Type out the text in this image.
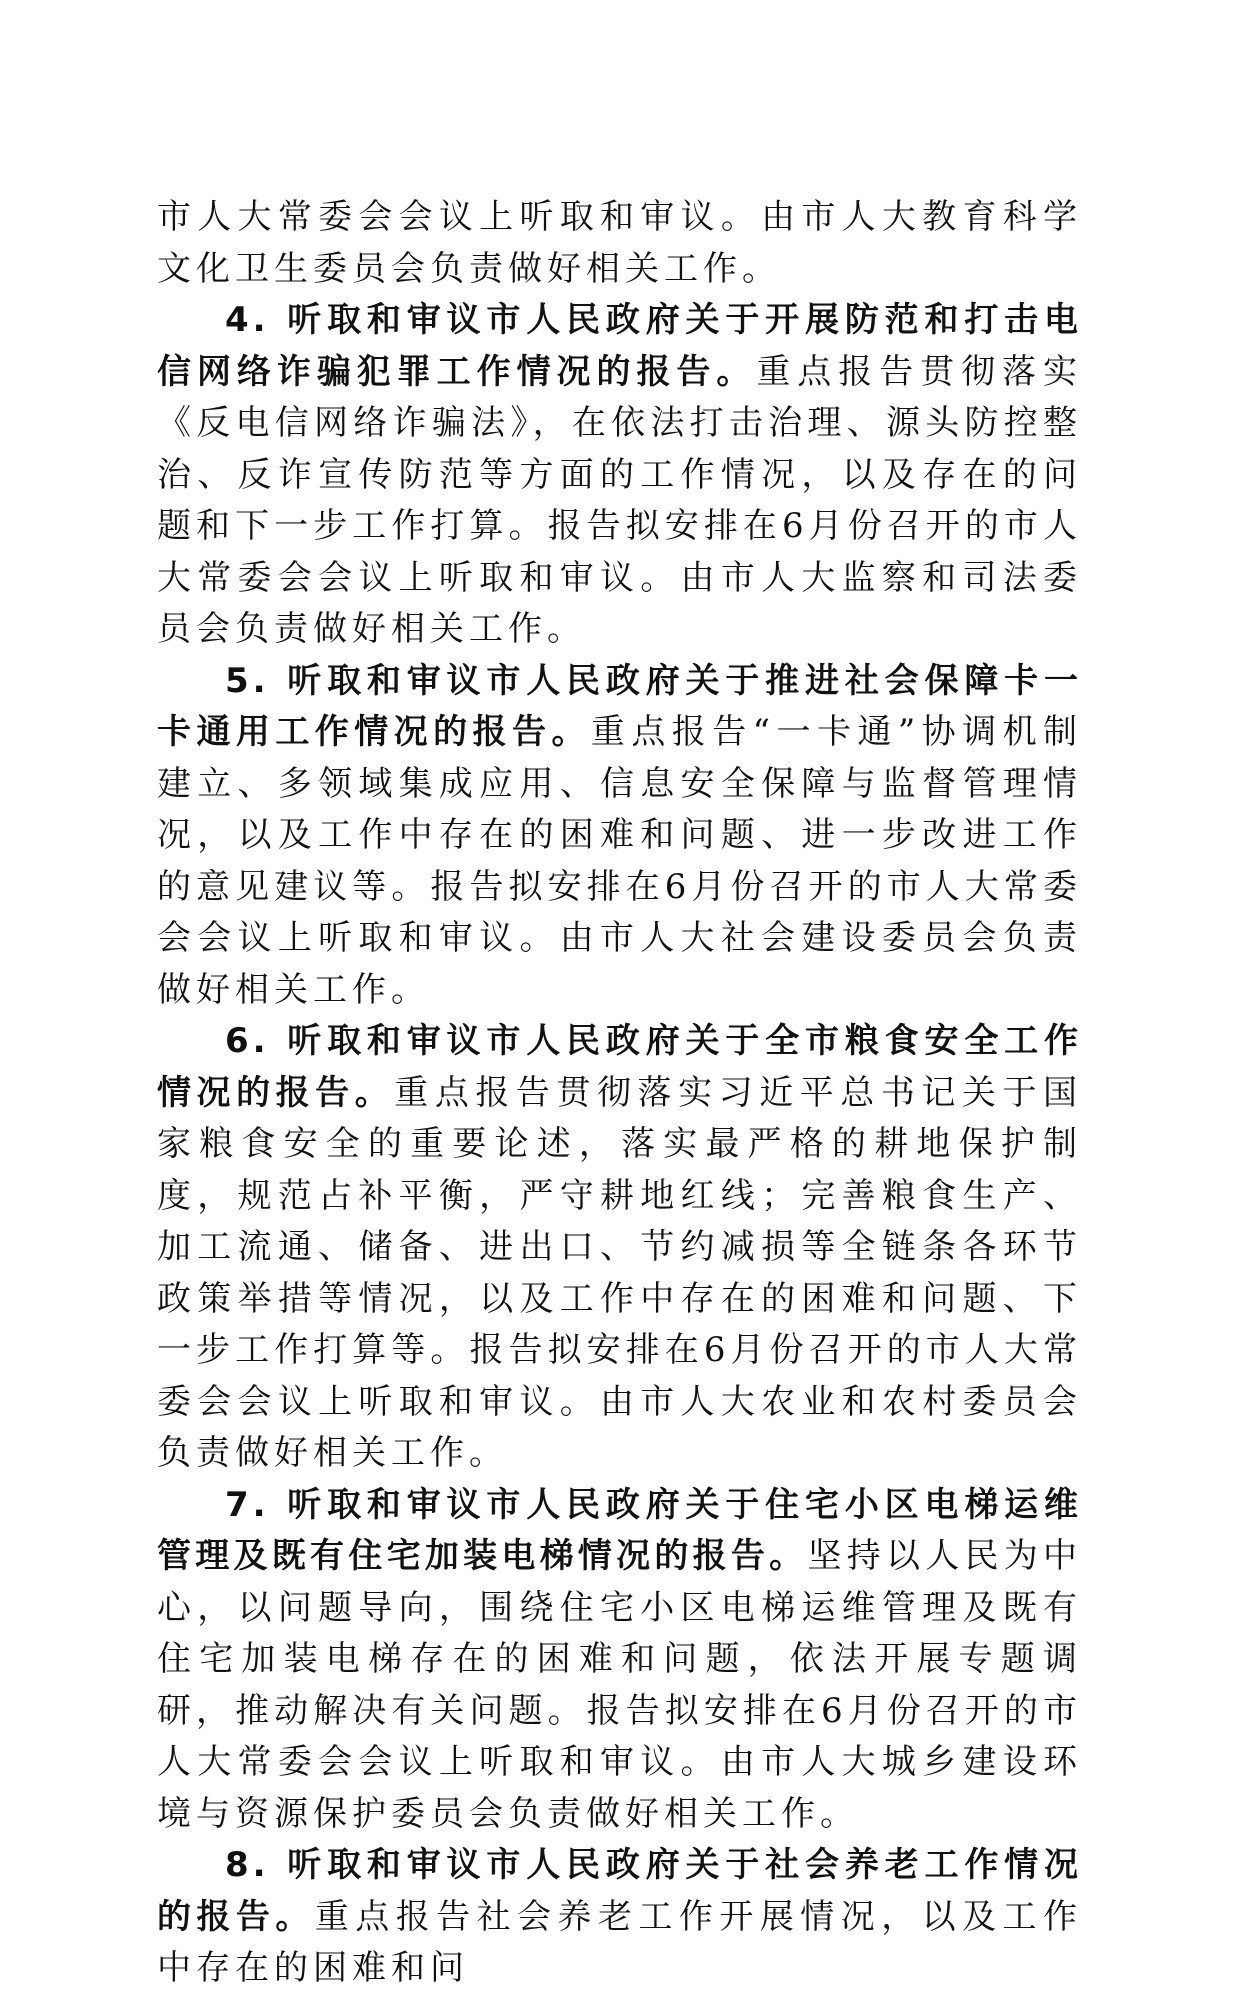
市人大常委会会议上听取和审议。由市人大教育科学文化卫生委员会负责做好相关工作。

4. 听取和审议市人民政府关于开展防范和打击电信网络诈骗犯罪工作情况的报告。重点报告贯彻落实《反电信网络诈骗法》，在依法打击治理、源头防控整治、反诈宣传防范等方面的工作情况，以及存在的问题和下一步工作打算。报告拟安排在6月份召开的市人大常委会会议上听取和审议。由市人大监察和司法委员会负责做好相关工作。

5. 听取和审议市人民政府关于推进社会保障卡一卡通用工作情况的报告。重点报告“一卡通”协调机制建立、多领域集成应用、信息安全保障与监督管理情况，以及工作中存在的困难和问题、进一步改进工作的意见建议等。报告拟安排在6月份召开的市人大常委会会议上听取和审议。由市人大社会建设委员会负责做好相关工作。

6. 听取和审议市人民政府关于全市粮食安全工作情况的报告。重点报告贯彻落实习近平总书记关于国家粮食安全的重要论述，落实最严格的耕地保护制度，规范占补平衡，严守耕地红线；完善粮食生产、加工流通、储备、进出口、节约减损等全链条各环节政策举措等情况，以及工作中存在的困难和问题、下一步工作打算等。报告拟安排在6月份召开的市人大常委会会议上听取和审议。由市人大农业和农村委员会负责做好相关工作。

7. 听取和审议市人民政府关于住宅小区电梯运维管理及既有住宅加装电梯情况的报告。坚持以人民为中心，以问题导向，围绕住宅小区电梯运维管理及既有住宅加装电梯存在的困难和问题，依法开展专题调研，推动解决有关问题。报告拟安排在6月份召开的市人大常委会会议上听取和审议。由市人大城乡建设环境与资源保护委员会负责做好相关工作。

8. 听取和审议市人民政府关于社会养老工作情况的报告。重点报告社会养老工作开展情况，以及工作中存在的困难和问
